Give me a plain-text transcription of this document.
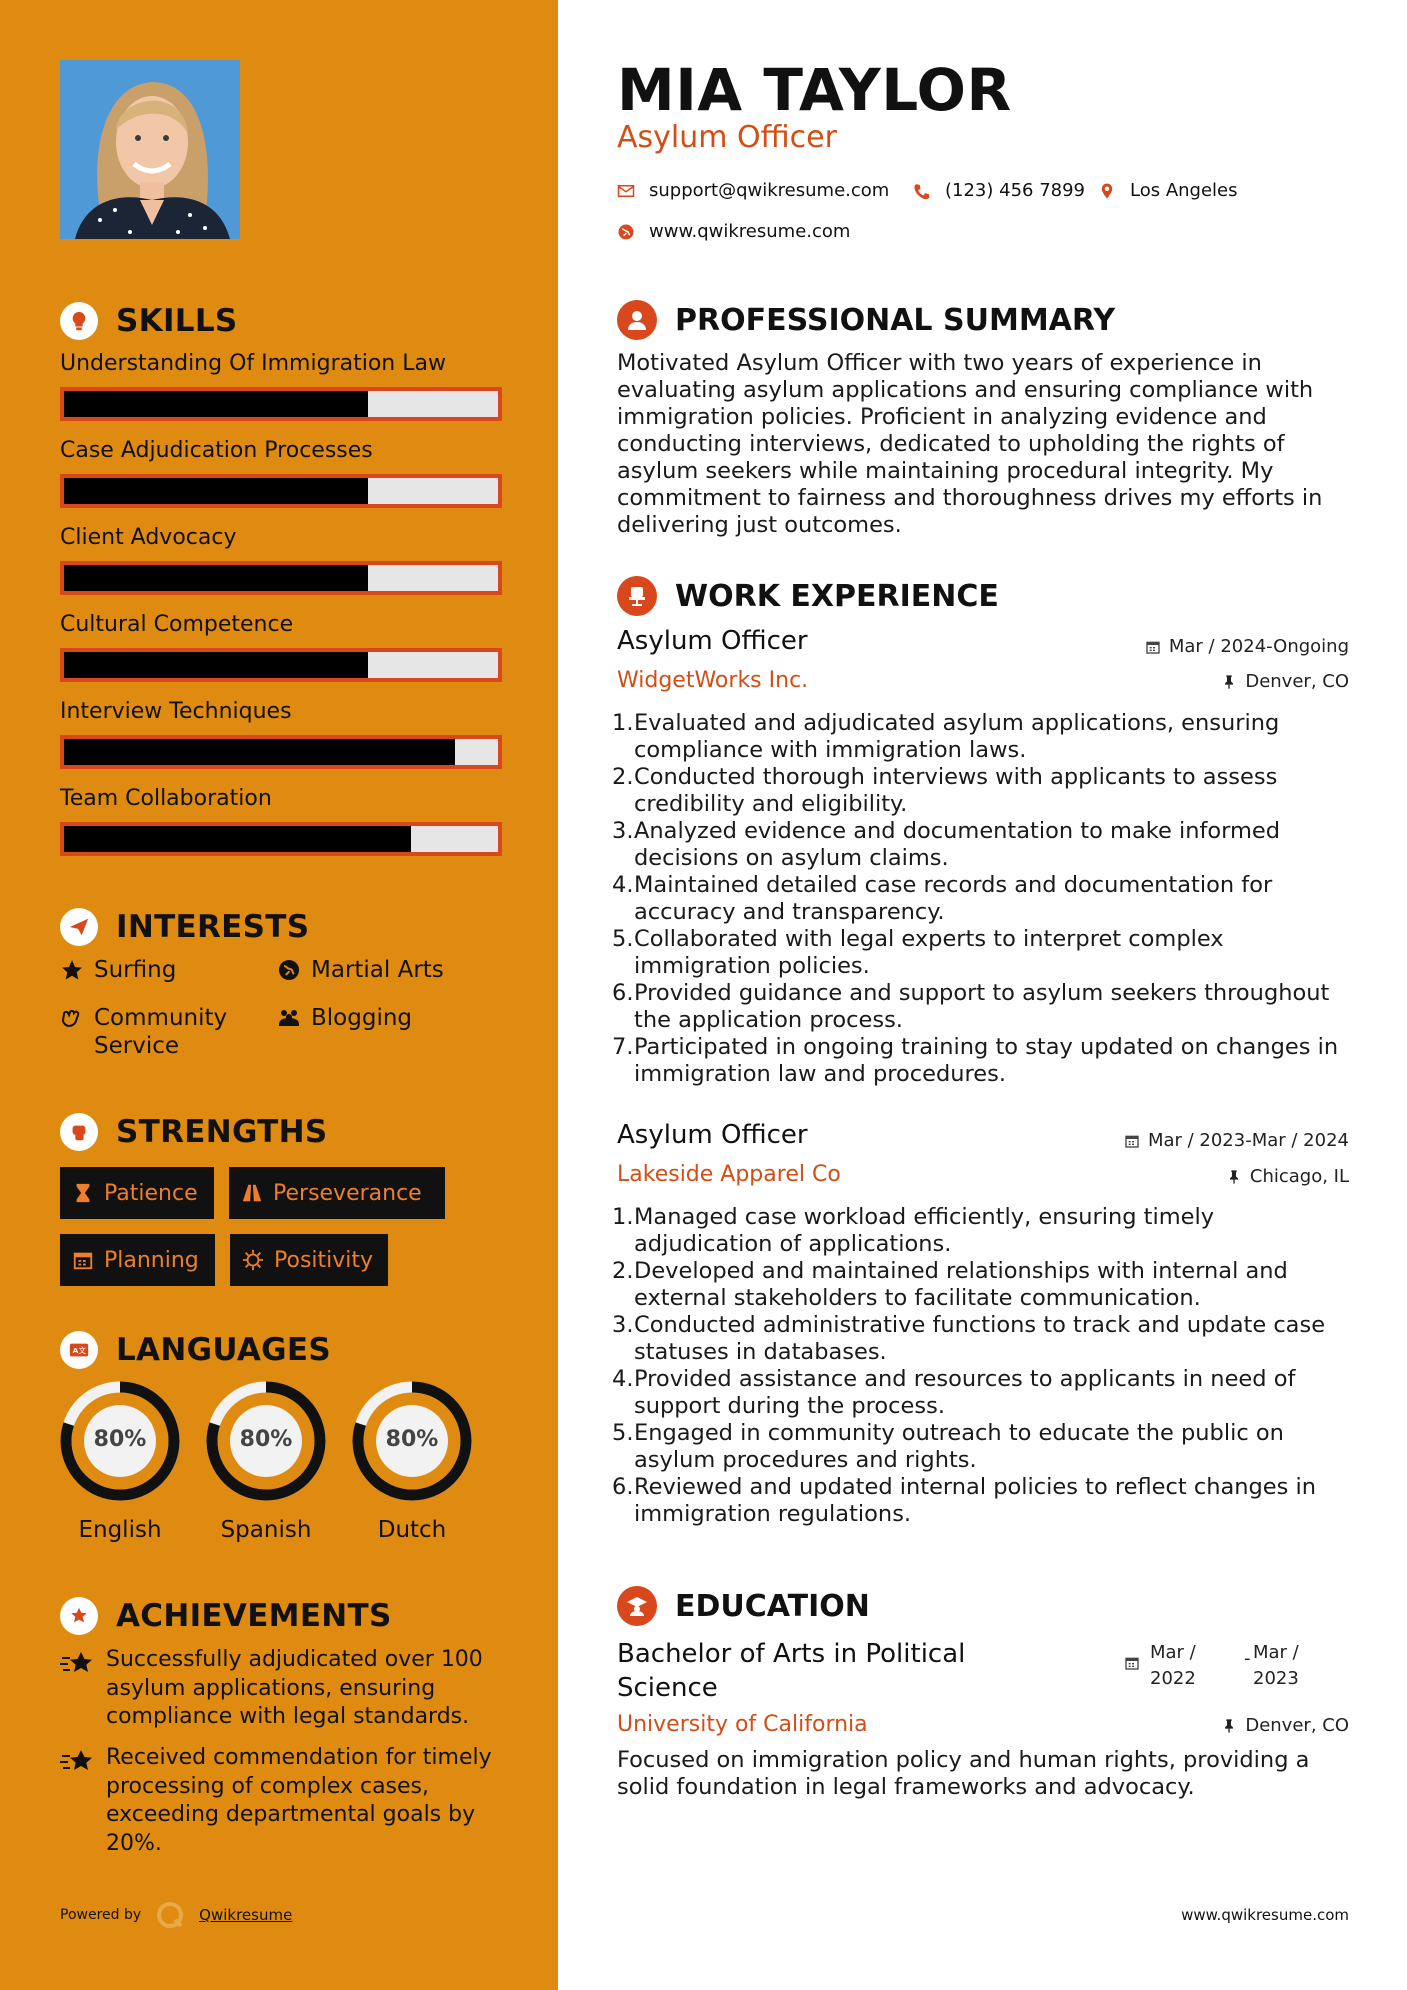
SKILLS
Understanding Of Immigration Law
Case Adjudication Processes
Client Advocacy
Cultural Competence
Interview Techniques
Team Collaboration
INTERESTS
Surfing	Martial Arts
Community Service
Blogging
STRENGTHS
Patience	Perseverance
Planning	Positivity
A文 LANGUAGES
80%
English
80%
Spanish
80%
Dutch
ACHIEVEMENTS
Successfully adjudicated over 100 asylum applications, ensuring compliance with legal standards.
Received commendation for timely processing of complex cases, exceeding departmental goals by 20%.
Powered by	Qwikresume
MIA TAYLOR
Asylum Officer
support@qwikresume.com	(123) 456 7899 Los Angeles
www.qwikresume.com
PROFESSIONAL SUMMARY
Motivated Asylum Officer with two years of experience in evaluating asylum applications and ensuring compliance with immigration policies. Proficient in analyzing evidence and conducting interviews, dedicated to upholding the rights of asylum seekers while maintaining procedural integrity. My commitment to fairness and thoroughness drives my efforts in delivering just outcomes.
WORK EXPERIENCE
Asylum Officer
WidgetWorks Inc.
Mar / 2024-Ongoing
Denver, CO
1. Evaluated and adjudicated asylum applications, ensuring compliance with immigration laws.
2. Conducted thorough interviews with applicants to assess credibility and eligibility.
3. Analyzed evidence and documentation to make informed decisions on asylum claims.
4. Maintained detailed case records and documentation for accuracy and transparency.
5. Collaborated with legal experts to interpret complex immigration policies.
6. Provided guidance and support to asylum seekers throughout the application process.
7. Participated in ongoing training to stay updated on changes in immigration law and procedures.
Asylum Officer
Lakeside Apparel Co
Mar / 2023-Mar / 2024
Chicago, IL
1. Managed case workload efficiently, ensuring timely adjudication of applications.
2. Developed and maintained relationships with internal and external stakeholders to facilitate communication.
3. Conducted administrative functions to track and update case statuses in databases.
4. Provided assistance and resources to applicants in need of support during the process.
5. Engaged in community outreach to educate the public on asylum procedures and rights.
6. Reviewed and updated internal policies to reflect changes in immigration regulations.
EDUCATION
Bachelor of Arts in Political Science
Mar / 2022
- Mar / 2023
University of California	Denver, CO
Focused on immigration policy and human rights, providing a solid foundation in legal frameworks and advocacy.
www.qwikresume.com
